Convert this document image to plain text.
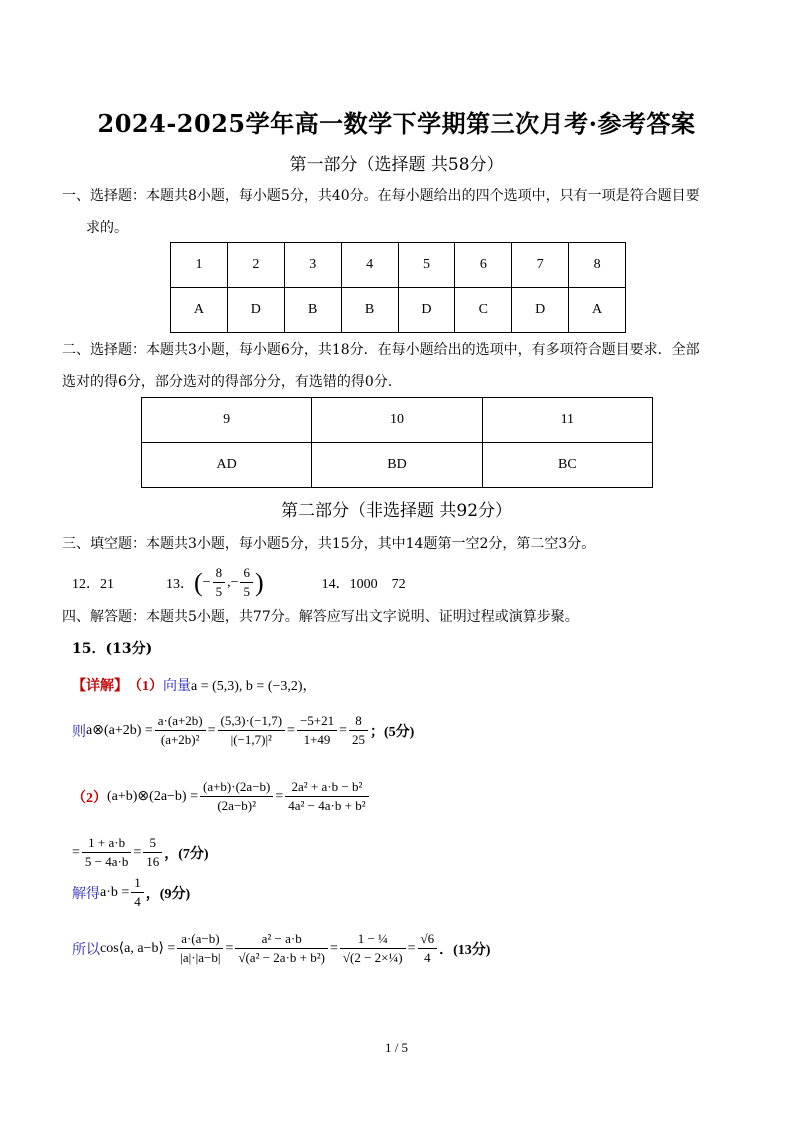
2024-2025学年高一数学下学期第三次月考·参考答案
第一部分（选择题 共58分）
一、选择题：本题共8小题，每小题5分，共40分。在每小题给出的四个选项中，只有一项是符合题目要
求的。
1	2	3	4	5	6	7	8
A	D	B	B	D	C	D	A
二、选择题：本题共3小题，每小题6分，共18分．在每小题给出的选项中，有多项符合题目要求．全部
选对的得6分，部分选对的得部分分，有选错的得0分．
9	10	11
AD	BD	BC
第二部分（非选择题 共92分）
三、填空题：本题共3小题，每小题5分，共15分，其中14题第一空2分，第二空3分。
12．21	13． ( − $\frac{8}{5}$ ,− $\frac{6}{5}$ )	14．1000　72
四、解答题：本题共5小题，共77分。解答应写出文字说明、证明过程或演算步聚。
15．(13分)
【详解】 （1） 向量 a = (5,3), b = (−3,2)，
则 a⊗(a+2b) = $\frac{a\cdot(a+2b)}{\text{(a+2b)²}} = \frac{(5,3)\cdot(-1,7)}{\text{|(−1,7)|²}} = \frac{-5+21}{1+49} = \frac{8}{25}$ ；(5分)
（2） (a+b)⊗(2a−b) = $\frac{(a+b)\cdot(2a-b)}{\text{(2a−b)²}} = \frac{\text{2a² + a·b − b²}}{\text{4a² − 4a·b + b²}}$
= $\frac{1 + a\cdot b}{5 - 4a\cdot b} = \frac{5}{16}$ ，(7分)
解得 $a\cdot b = \frac{1}{4}$ ，(9分)
所以 cos⟨a, a−b⟩ = $\frac{a\cdot(a-b)}{|a|\cdot|a-b|} = \frac{\text{a² − a·b}}{\text{√(a² − 2a·b + b²)}} = \frac{\text{1 − ¼}}{\text{√(2 − 2×¼)}} = \frac{√6}{4}$ ．(13分)
1 / 5
